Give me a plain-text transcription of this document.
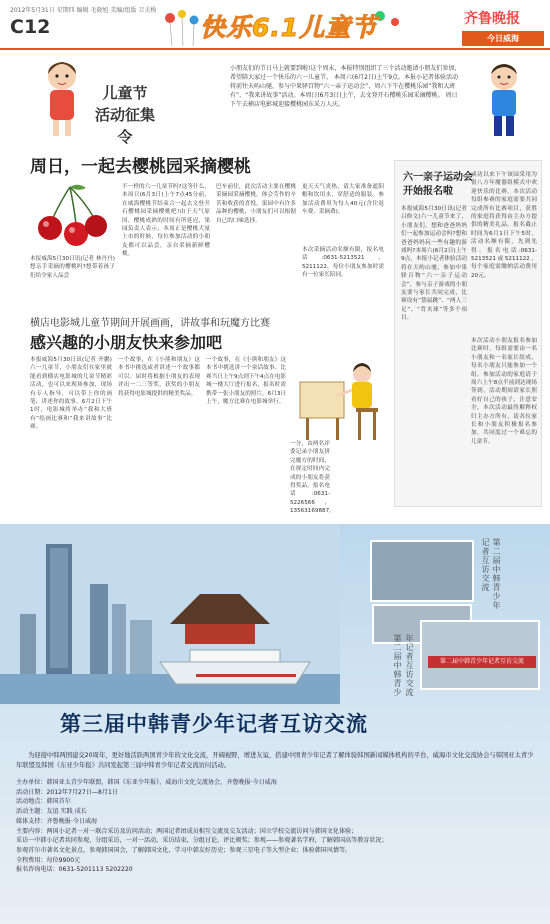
2012年5月31日 星期四 编辑 毛晓旭 美编/组版 卫关梅
C12	快乐6.1儿童节	齐鲁晚报
今日威海
儿童节
活动征集令
小朋友们的节日马上就要到啦!这个周末，本报特别组织了三个活动邀请小朋友们参加，希望陪大家过一个快乐的六一儿童节。 本周六(6月2日)上午9点，本报小记者体验活动将前往天屿山驰，参与中果驿百物“六一亲子运动会”，周六下午在樱桃乐园“我和大班有”，“我来讲故事”活动。本周日(6月3日)上午，去文登开石樱桃乐园采摘樱桃。 周日下午去横店电影城迎接樱桃园东采万人庆。
周日，一起去樱桃园采摘樱桃
本报威海5月30日讯(记者 林丹丹)想亲手采摘的樱桃吗?想带着孩子们给全家人品尝
不一样的六一儿童节吗?这等什么，本周日(6月3日)上午7点45分前，在威海樱桃节结束合一起去文登开石樱桃园采摘樱桃吧!由于天气原因，樱桃成熟的时间有所延迟，果园负责人表示，本周正是樱桃大量上市的时候，每位参加活动的小朋友都可以品尝，亲自采摘新鲜樱桃。
巴车前往，此次活动主要在樱桃采摘园采摘樱桃，体会劳作的辛苦和收获的喜悦。果园中有许多品种的樱桃，小朋友们可以根据自己的口味选择。
更天天气炎热，请大家准备遮阳帽和饮用水，穿舒适的服装。参加活动费用为每人40元(含往返车费、采摘费)。
本次采摘活动名额有限，报名电话:0631-5213521，5211122，每位小朋友参加时需有一位家长陪同。
横店电影城儿童节期间开展画画，讲故事和玩魔方比赛
感兴趣的小朋友快来参加吧
本报威海5月30日讯(记者 齐鹏)六一儿童节，小朋友们在家里就能看到横店电影城的儿童节精彩活动，也可以来现场参加，现场有专人指导，可以带上你的画笔，讲述你的故事。6月2日下午1时，电影城将举办“我和大班有”绘画比赛和“我来讲故事”比赛。
一个故事，在《小熊和朋友》这本书中挑选或者讲述一个故事都可以。届时将根据小朋友的表现评出一二三等奖，获奖的小朋友将获得电影城提供的精美奖品。
一个故事，在《小熊和朋友》这本书中挑选讲一个童话故事。比赛当日上午9点到下午4点在电影城一楼大厅进行报名，报名时需携带一张小朋友的照片。6月3日上午，魔方比赛在电影城举行。
一分，由两名评委记录小朋友拼完魔方的时间，在规定时间内完成的小朋友将获得奖品。报名电话:0631-5226566，13563169887。
六一亲子运动会
开始报名啦
本报威海5月30日讯(记者 吕修文)六一儿童节来了，小朋友们，想和爸爸妈妈们一起参加运动会吗?想和爸爸妈妈玩一些有趣的游戏吗?本周六(6月2日)上午9点，本报小记者体验活动将在天屿山驰，参加中果驿百物“六一亲子运动会”，参与亲子游戏的小朋友要与家长共同完成，比赛设有“袋鼠跳”、“两人三足”、“背夹球”等多个项目。
成功以来下午该园采用为很八方年魔器组模式中欢迎快乐的比赛。本次活动每组参赛的家庭需要共同完成所有比赛项目，获胜的家庭将获得由主办方提供的精美礼品。报名截止时间为6月1日下午5时，活动名额有限，先到先得。报名电话:0631-5213521或5211122，每个家庭需缴纳活动费用20元。
本次活动小朋友报名参加比赛时，每组需要由一名小朋友和一名家长组成，每名小朋友只能参加一个组。参加活动的家庭请于周六上午8点半前到达现场签到，活动期间请家长照看好自己的孩子，注意安全。本次活动最终解释权归主办方所有，请各位家长和小朋友积极报名参加，共同度过一个难忘的儿童节。
第二届中韩青少年记者互访交流
第二届中韩青少年记者互访交流
年记者互访交流
第二届中韩青少
第三届中韩青少年记者互访交流
为迎接中韩两国建交20周年，更好地活跃两国青少年的文化交流，开阔视野，增进友谊，搭建中国青少年记者了解体验韩国新闻媒体机构的平台，威海市文化交流协会与韩国亚太青少年联盟及韩国《东亚少年报》共同发起第三届中韩青少年记者交流访问活动。
主办单位：韩国亚太青少年联盟，韩国《东亚少年报》，威海市文化交流协会，齐鲁晚报·今日威海
活动日期：2012年7月27日—8月1日
活动地点：韩国首尔
活动主题：友谊 实践 成长
媒体支持：齐鲁晚报·今日威海
主要内容：两国小记者一对一联合采访及访问活动；两国记者团成员相互交流及交友活动；国立学校交流访问与韩国文化体验；
采访一中韩小记者共同参观，分组采访，一对一活动，采访结束，分组讨论，评比颁奖；参观——参观著名学府，了解韩国高等教育状况；
参观首尔市著名文化景点，参观韩国国会，了解韩国文化，学习中韩友好历史；参观三星电子等大型企业；体验韩国风情等。
全程费用：每位9900元
报名咨询电话：0631-5201113 5202220
